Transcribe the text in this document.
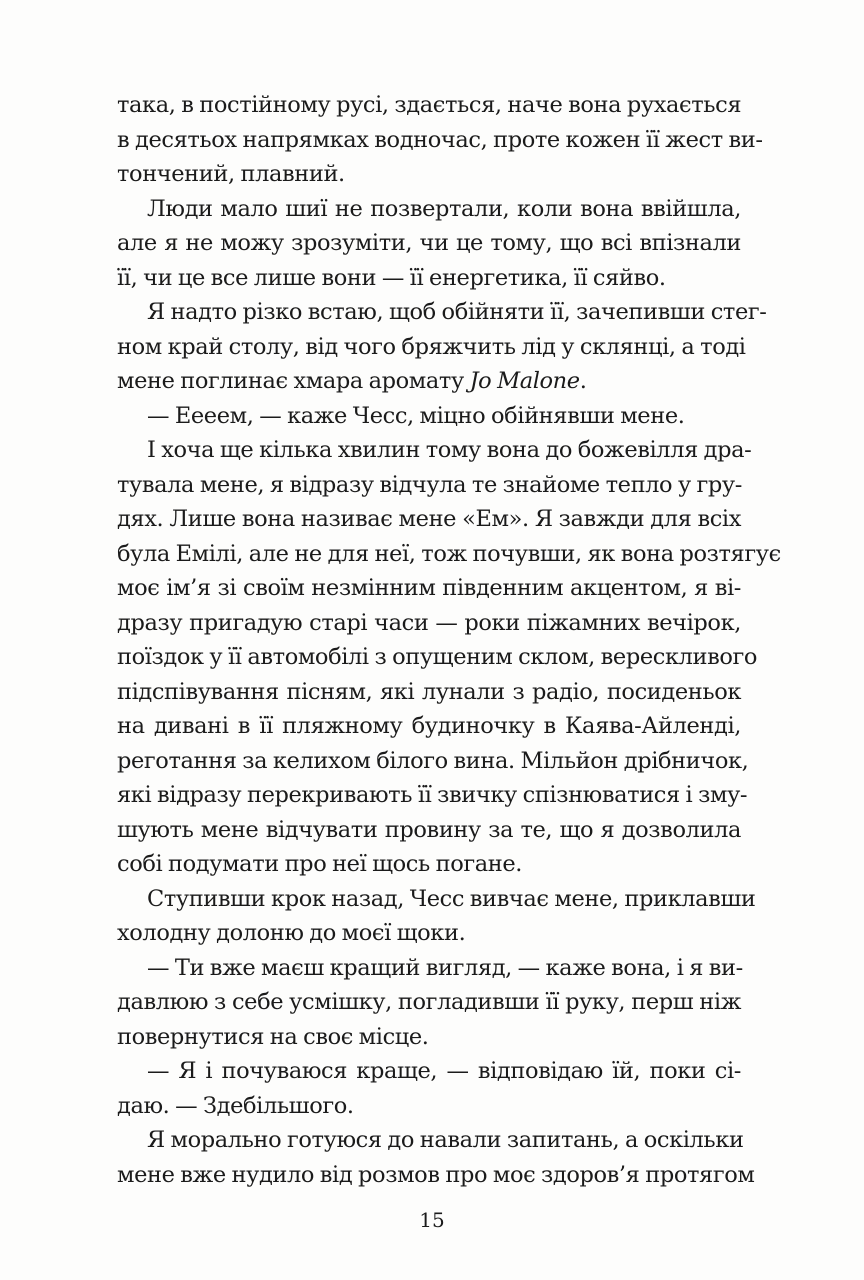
така, в постійному русі, здається, наче вона рухається
в десятьох напрямках водночас, проте кожен її жест ви-
тончений, плавний.

Люди мало шиї не позвертали, коли вона ввійшла,
але я не можу зрозуміти, чи це тому, що всі впізнали
її, чи це все лише вони — її енергетика, її сяйво.

Я надто різко встаю, щоб обійняти її, зачепивши стег-
ном край столу, від чого бряжчить лід у склянці, а тоді
мене поглинає хмара аромату Jo Malone.

— Еееем, — каже Чесс, міцно обійнявши мене.

І хоча ще кілька хвилин тому вона до божевілля дра-
тувала мене, я відразу відчула те знайоме тепло у гру-
дях. Лише вона називає мене «Ем». Я завжди для всіх
була Емілі, але не для неї, тож почувши, як вона розтягує
моє ім’я зі своїм незмінним південним акцентом, я ві-
дразу пригадую старі часи — роки піжамних вечірок,
поїздок у її автомобілі з опущеним склом, верескливого
підспівування пісням, які лунали з радіо, посиденьок
на дивані в її пляжному будиночку в Каява-Айленді,
реготання за келихом білого вина. Мільйон дрібничок,
які відразу перекривають її звичку спізнюватися і зму-
шують мене відчувати провину за те, що я дозволила
собі подумати про неї щось погане.

Ступивши крок назад, Чесс вивчає мене, приклавши
холодну долоню до моєї щоки.

— Ти вже маєш кращий вигляд, — каже вона, і я ви-
давлюю з себе усмішку, погладивши її руку, перш ніж
повернутися на своє місце.

— Я і почуваюся краще, — відповідаю їй, поки сі-
даю. — Здебільшого.

Я морально готуюся до навали запитань, а оскільки
мене вже нудило від розмов про моє здоров’я протягом

15
